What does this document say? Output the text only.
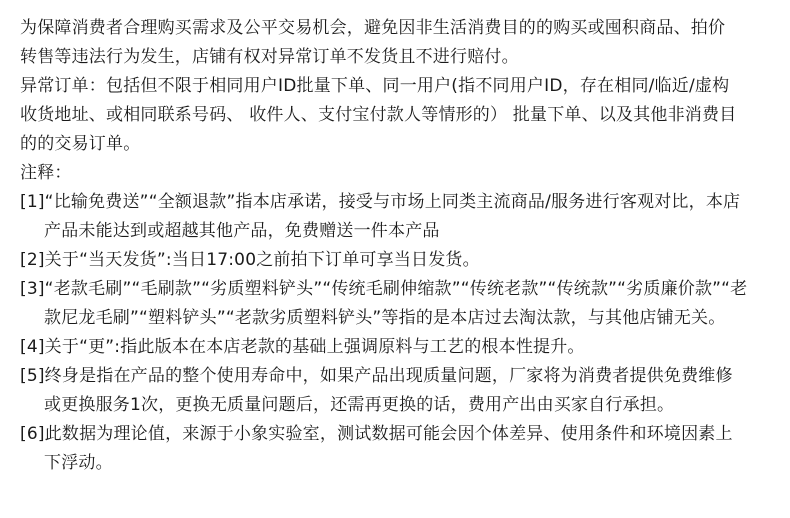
为保障消费者合理购买需求及公平交易机会，避免因非生活消费目的的购买或囤积商品、拍价
转售等违法行为发生，店铺有权对异常订单不发货且不进行赔付。
异常订单：包括但不限于相同用户ID批量下单、同一用户(指不同用户ID，存在相同/临近/虚构
收货地址、或相同联系号码、 收件人、支付宝付款人等情形的） 批量下单、以及其他非消费目
的的交易订单。
注释：
[1]“比输免费送”“全额退款”指本店承诺，接受与市场上同类主流商品/服务进行客观对比，本店
产品未能达到或超越其他产品，免费赠送一件本产品
[2]关于“当天发货”:当日17:00之前拍下订单可享当日发货。
[3]“老款毛刷”“毛刷款”“劣质塑料铲头”“传统毛刷伸缩款”“传统老款”“传统款”“劣质廉价款”“老
款尼龙毛刷”“塑料铲头”“老款劣质塑料铲头”等指的是本店过去淘汰款，与其他店铺无关。
[4]关于“更”:指此版本在本店老款的基础上强调原料与工艺的根本性提升。
[5]终身是指在产品的整个使用寿命中，如果产品出现质量问题，厂家将为消费者提供免费维修
或更换服务1次，更换无质量问题后，还需再更换的话，费用产出由买家自行承担。
[6]此数据为理论值，来源于小象实验室，测试数据可能会因个体差异、使用条件和环境因素上
下浮动。
